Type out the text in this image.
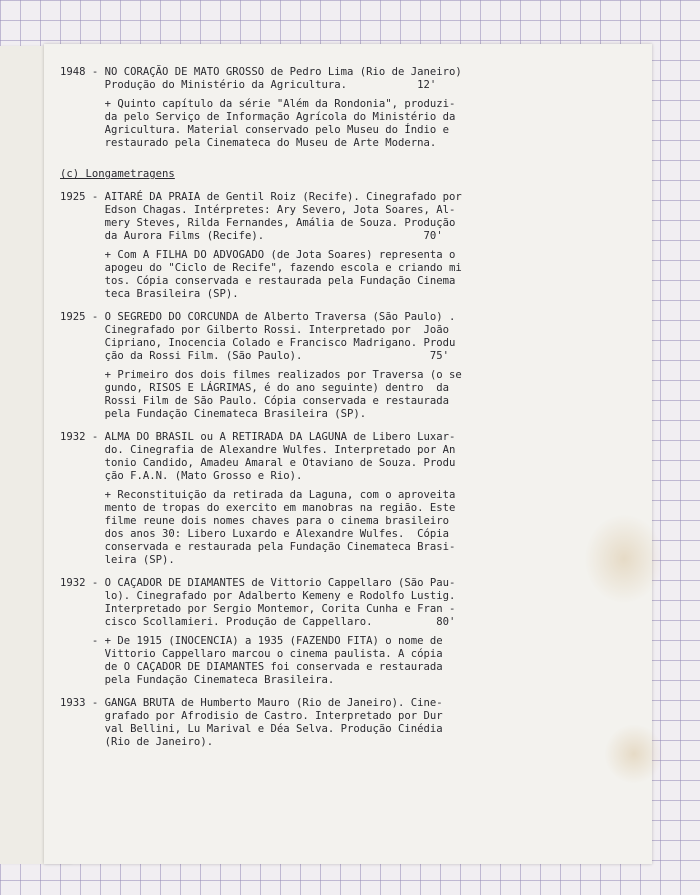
1948 - NO CORAÇÃO DE MATO GROSSO de Pedro Lima (Rio de Janeiro)
Produção do Ministério da Agricultura.           12'
+ Quinto capítulo da série "Além da Rondonia", produzi-
da pelo Serviço de Informação Agrícola do Ministério da
Agricultura. Material conservado pelo Museu do Índio e
restaurado pela Cinemateca do Museu de Arte Moderna.
(c) Longametragens
1925 - AITARÉ DA PRAIA de Gentil Roiz (Recife). Cinegrafado por
Edson Chagas. Intérpretes: Ary Severo, Jota Soares, Al-
mery Steves, Rilda Fernandes, Amália de Souza. Produção
da Aurora Films (Recife).                         70'
+ Com A FILHA DO ADVOGADO (de Jota Soares) representa o
apogeu do "Ciclo de Recife", fazendo escola e criando mi
tos. Cópia conservada e restaurada pela Fundação Cinema
teca Brasileira (SP).
1925 - O SEGREDO DO CORCUNDA de Alberto Traversa (São Paulo) .
Cinegrafado por Gilberto Rossi. Interpretado por  João
Cipriano, Inocencia Colado e Francisco Madrigano. Produ
ção da Rossi Film. (São Paulo).                    75'
+ Primeiro dos dois filmes realizados por Traversa (o se
gundo, RISOS E LÁGRIMAS, é do ano seguinte) dentro  da
Rossi Film de São Paulo. Cópia conservada e restaurada
pela Fundação Cinemateca Brasileira (SP).
1932 - ALMA DO BRASIL ou A RETIRADA DA LAGUNA de Libero Luxar-
do. Cinegrafia de Alexandre Wulfes. Interpretado por An
tonio Candido, Amadeu Amaral e Otaviano de Souza. Produ
ção F.A.N. (Mato Grosso e Rio).
+ Reconstituição da retirada da Laguna, com o aproveita
mento de tropas do exercito em manobras na região. Este
filme reune dois nomes chaves para o cinema brasileiro
dos anos 30: Libero Luxardo e Alexandre Wulfes.  Cópia
conservada e restaurada pela Fundação Cinemateca Brasi-
leira (SP).
1932 - O CAÇADOR DE DIAMANTES de Vittorio Cappellaro (São Pau-
lo). Cinegrafado por Adalberto Kemeny e Rodolfo Lustig.
Interpretado por Sergio Montemor, Corita Cunha e Fran -
cisco Scollamieri. Produção de Cappellaro.          80'
- + De 1915 (INOCENCIA) a 1935 (FAZENDO FITA) o nome de
Vittorio Cappellaro marcou o cinema paulista. A cópia
de O CAÇADOR DE DIAMANTES foi conservada e restaurada
pela Fundação Cinemateca Brasileira.
1933 - GANGA BRUTA de Humberto Mauro (Rio de Janeiro). Cine-
grafado por Afrodisio de Castro. Interpretado por Dur
val Bellini, Lu Marival e Déa Selva. Produção Cinédia
(Rio de Janeiro).
